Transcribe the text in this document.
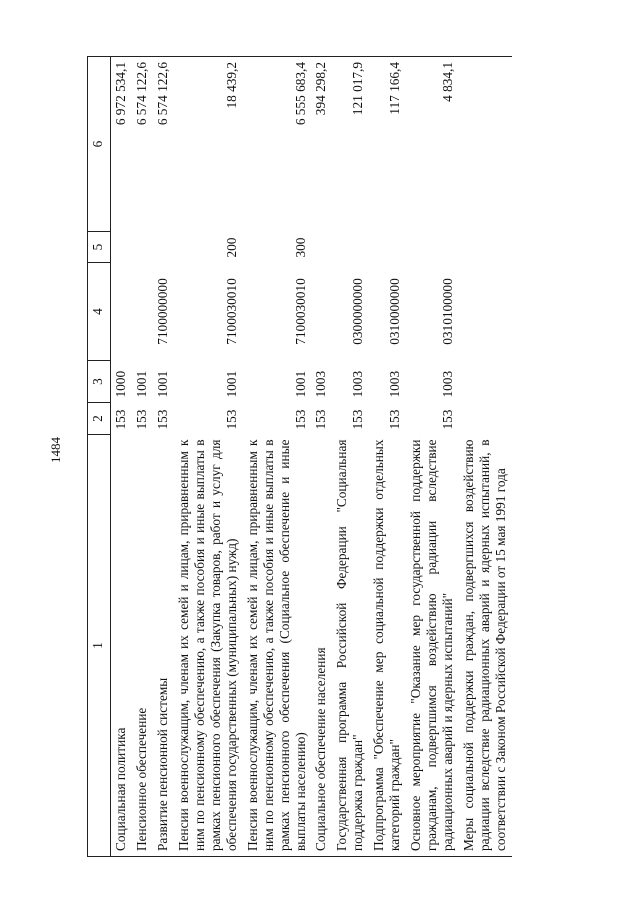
1484
1	2	3	4	5	6
Социальная политика	153	1000			6 972 534,1
Пенсионное обеспечение	153	1001			6 574 122,6
Развитие пенсионной системы	153	1001	7100000000		6 574 122,6
Пенсии военнослужащим, членам их семей и лицам, приравненным к ним по пенсионному обеспечению, а также пособия и иные выплаты в рамках пенсионного обеспечения (Закупка товаров, работ и услуг для обеспечения государственных (муниципальных) нужд)	153	1001	7100030010	200	18 439,2
Пенсии военнослужащим, членам их семей и лицам, приравненным к ним по пенсионному обеспечению, а также пособия и иные выплаты в рамках пенсионного обеспечения (Социальное обеспечение и иные выплаты населению)	153	1001	7100030010	300	6 555 683,4
Социальное обеспечение населения	153	1003			394 298,2
Государственная программа Российской Федерации "Социальная поддержка граждан"	153	1003	0300000000		121 017,9
Подпрограмма "Обеспечение мер социальной поддержки отдельных категорий граждан"	153	1003	0310000000		117 166,4
Основное мероприятие "Оказание мер государственной поддержки гражданам, подвергшимся воздействию радиации вследствие радиационных аварий и ядерных испытаний"	153	1003	0310100000		4 834,1
Меры социальной поддержки граждан, подвергшихся воздействию радиации вследствие радиационных аварий и ядерных испытаний, в соответствии с Законом Российской Федерации от 15 мая 1991 года					
